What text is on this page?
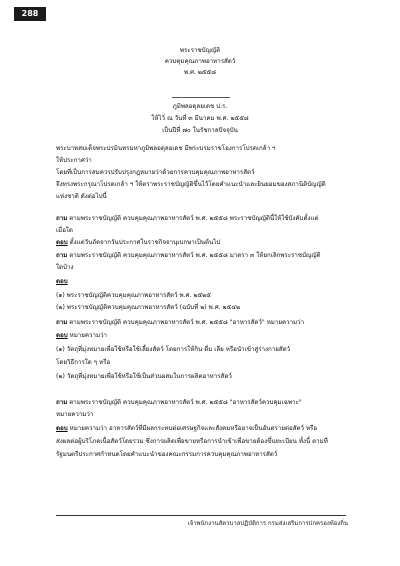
288
พระราชบัญญัติ
ควบคุมคุณภาพอาหารสัตว์
พ.ศ. ๒๕๕๘
ภูมิพลอดุลยเดช ป.ร.
ให้ไว้ ณ วันที่ ๓ มีนาคม พ.ศ. ๒๕๕๘
เป็นปีที่ ๗๐ ในรัชกาลปัจจุบัน
พระบาทสมเด็จพระปรมินทรมหาภูมิพลอดุลยเดช มีพระบรมราชโองการโปรดเกล้า ฯ
ให้ประกาศว่า
โดยที่เป็นการสมควรปรับปรุงกฎหมายว่าด้วยการควบคุมคุณภาพอาหารสัตว์
จึงทรงพระกรุณาโปรดเกล้า ฯ ให้ตราพระราชบัญญัติขึ้นไว้โดยคำแนะนำและยินยอมของสภานิติบัญญัติ
แห่งชาติ ดังต่อไปนี้
ถาม ตามพระราชบัญญัติ ควบคุมคุณภาพอาหารสัตว์ พ.ศ. ๒๕๕๘ พระราชบัญญัตินี้ให้ใช้บังคับตั้งแต่
เมื่อใด
ตอบ ตั้งแต่วันถัดจากวันประกาศในราชกิจจานุเบกษาเป็นต้นไป
ถาม ตามพระราชบัญญัติ ควบคุมคุณภาพอาหารสัตว์ พ.ศ. ๒๕๕๘ มาตรา ๓ ให้ยกเลิกพระราชบัญญัติ
ใดบ้าง
ตอบ
(๑) พระราชบัญญัติควบคุมคุณภาพอาหารสัตว์ พ.ศ. ๒๕๒๕
(๒) พระราชบัญญัติควบคุมคุณภาพอาหารสัตว์ (ฉบับที่ ๒) พ.ศ. ๒๕๔๒
ถาม ตามพระราชบัญญัติ ควบคุมคุณภาพอาหารสัตว์ พ.ศ. ๒๕๕๘ "อาหารสัตว์" หมายความว่า
ตอบ หมายความว่า
(๑) วัตถุที่มุ่งหมายเพื่อใช้หรือใช้เลี้ยงสัตว์ โดยการให้กิน ดื่ม เลีย หรือนำเข้าสู่ร่างกายสัตว์
โดยวิธีการใด ๆ หรือ
(๒) วัตถุที่มุ่งหมายเพื่อใช้หรือใช้เป็นส่วนผสมในการผลิตอาหารสัตว์
ถาม ตามพระราชบัญญัติ ควบคุมคุณภาพอาหารสัตว์ พ.ศ. ๒๕๕๘ "อาหารสัตว์ควบคุมเฉพาะ"
หมายความว่า
ตอบ หมายความว่า อาหารสัตว์ที่มีผลกระทบต่อเศรษฐกิจและสังคมหรืออาจเป็นอันตรายต่อสัตว์ หรือ
ส่งผลต่อผู้บริโภคเนื้อสัตว์โดยรวม ซึ่งการผลิตเพื่อขายหรือการนำเข้าเพื่อขายต้องขึ้นทะเบียน ทั้งนี้ ตามที่
รัฐมนตรีประกาศกำหนดโดยคำแนะนำของคณะกรรมการควบคุมคุณภาพอาหารสัตว์
เจ้าพนักงานสัตวบาลปฏิบัติการ กรมส่งเสริมการปกครองท้องถิ่น
